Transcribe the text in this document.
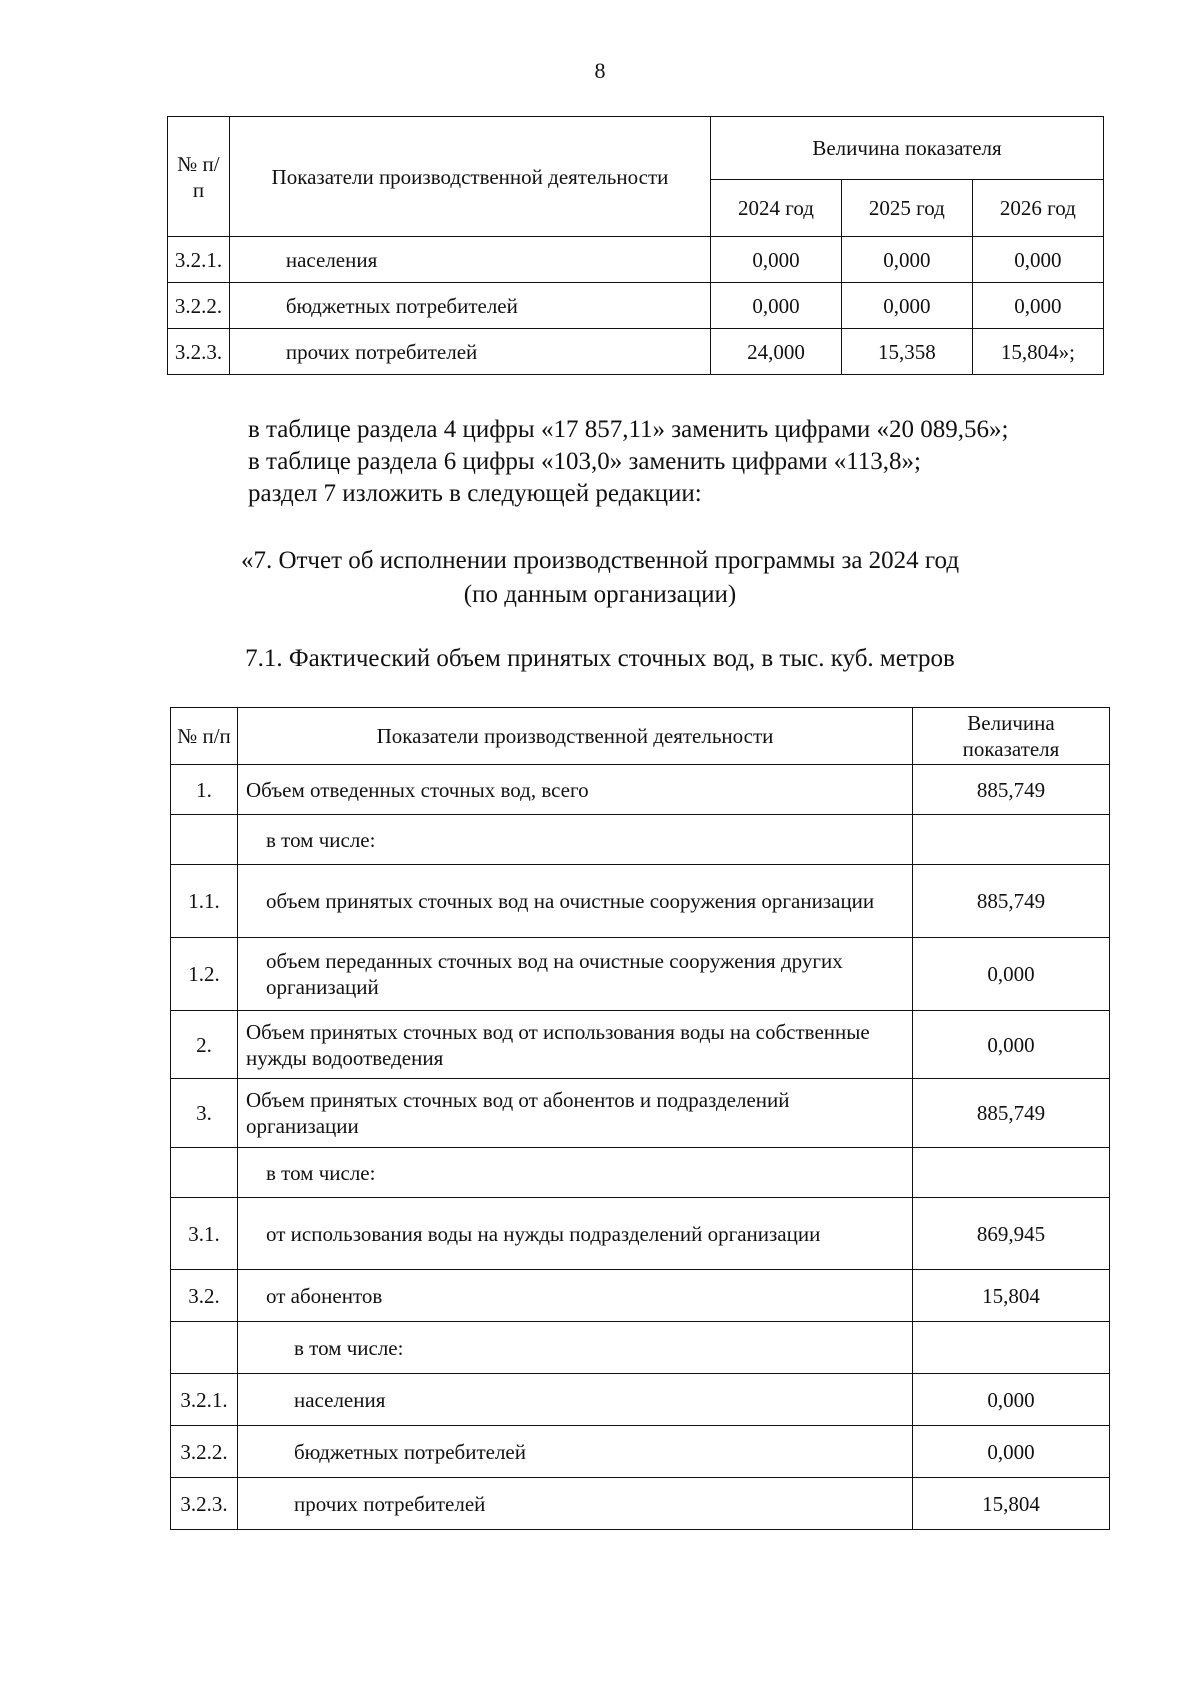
8
№ п/п	Показатели производственной деятельности	Величина показателя		
		2024 год	2025 год	2026 год
3.2.1.	населения	0,000	0,000	0,000
3.2.2.	бюджетных потребителей	0,000	0,000	0,000
3.2.3.	прочих потребителей	24,000	15,358	15,804»;
в таблице раздела 4 цифры «17 857,11» заменить цифрами «20 089,56»;
в таблице раздела 6 цифры «103,0» заменить цифрами «113,8»;
раздел 7 изложить в следующей редакции:
«7. Отчет об исполнении производственной программы за 2024 год
(по данным организации)
7.1. Фактический объем принятых сточных вод, в тыс. куб. метров
№ п/п	Показатели производственной деятельности	Величина показателя
1.	Объем отведенных сточных вод, всего	885,749
	в том числе:	
1.1.	объем принятых сточных вод на очистные сооружения организации	885,749
1.2.	объем переданных сточных вод на очистные сооружения других организаций	0,000
2.	Объем принятых сточных вод от использования воды на собственные нужды водоотведения	0,000
3.	Объем принятых сточных вод от абонентов и подразделений организации	885,749
	в том числе:	
3.1.	от использования воды на нужды подразделений организации	869,945
3.2.	от абонентов	15,804
	в том числе:	
3.2.1.	населения	0,000
3.2.2.	бюджетных потребителей	0,000
3.2.3.	прочих потребителей	15,804
